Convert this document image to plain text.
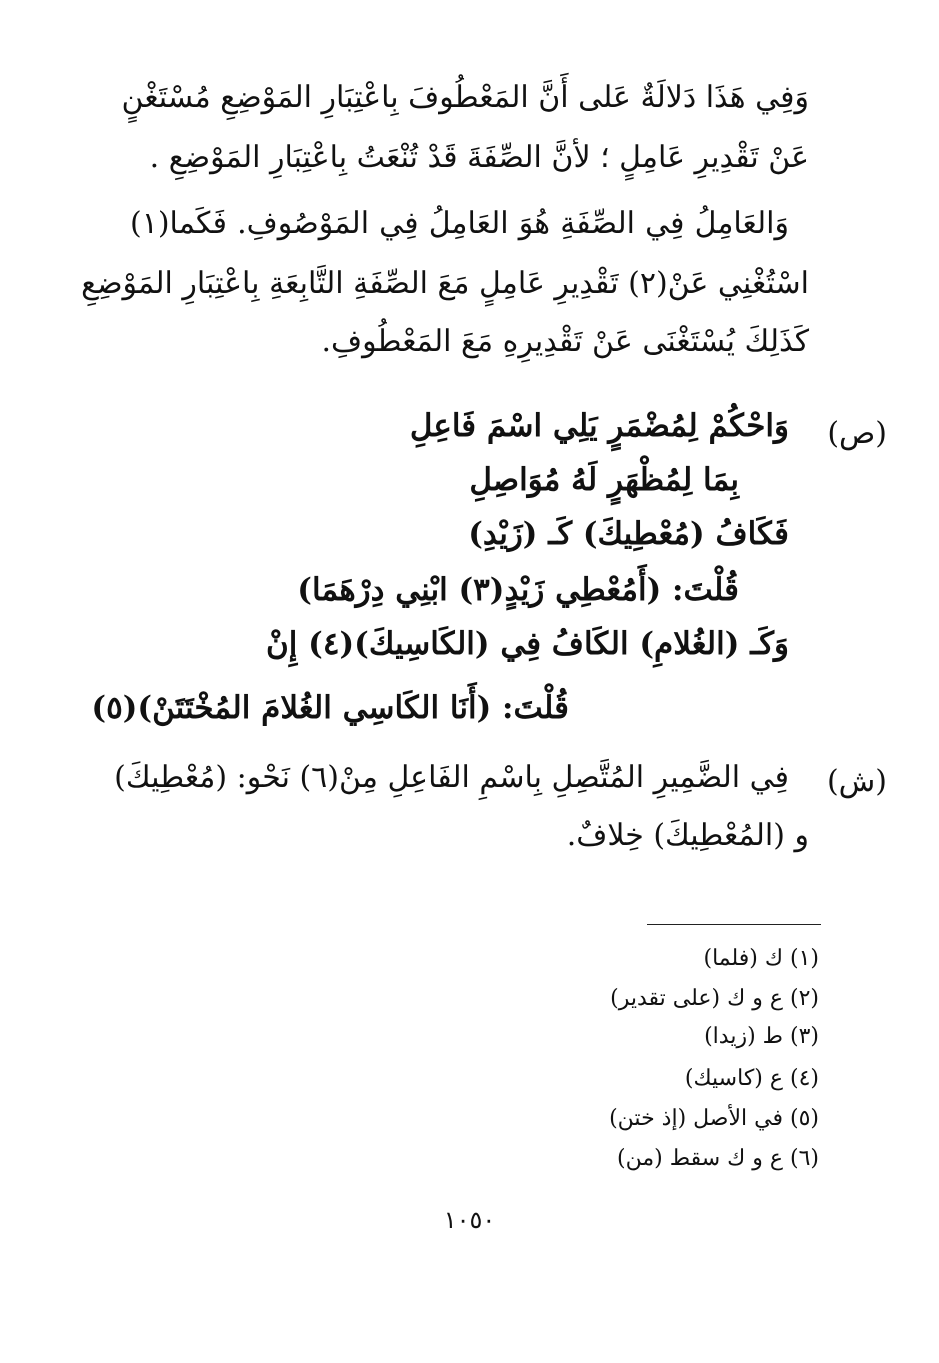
وَفِي هَذَا دَلالَةٌ عَلى أَنَّ المَعْطُوفَ بِاعْتِبَارِ المَوْضِعِ مُسْتَغْنٍ
عَنْ تَقْدِيرِ عَامِلٍ ؛ لأنَّ الصِّفَةَ قَدْ تُنْعَتُ بِاعْتِبَارِ المَوْضِعِ .
وَالعَامِلُ فِي الصِّفَةِ هُوَ العَامِلُ فِي المَوْصُوفِ. فَكَما(١)
اسْتُغْنِي عَنْ(٢) تَقْدِيرِ عَامِلٍ مَعَ الصِّفَةِ التَّابِعَةِ بِاعْتِبَارِ المَوْضِعِ
كَذَلِكَ يُسْتَغْنَى عَنْ تَقْدِيرِهِ مَعَ المَعْطُوفِ.
(ص)
وَاحْكُمْ لِمُضْمَرٍ يَلِي اسْمَ فَاعِلِ
بِمَا لِمُظْهَرٍ لَهُ مُوَاصِلِ
فَكَافُ (مُعْطِيكَ) كَـ (زَيْدِ)
قُلْتَ: (أَمُعْطِي زَيْدٍ(٣) ابْنِي دِرْهَمَا)
وَكَـ (الغُلامِ) الكَافُ فِي (الكَاسِيكَ)(٤) إِنْ
قُلْتَ: (أَنَا الكَاسِي الغُلامَ المُخْتَتَنْ)(٥)
(ش)
فِي الضَّمِيرِ المُتَّصِلِ بِاسْمِ الفَاعِلِ مِنْ(٦) نَحْو: (مُعْطِيكَ)
و (المُعْطِيكَ) خِلافٌ.
(١) ك (فلما)
(٢) ع و ك (على تقدير)
(٣) ط (زيدا)
(٤) ع (كاسيك)
(٥) في الأصل (إذ ختن)
(٦) ع و ك سقط (من)
١٠٥٠
